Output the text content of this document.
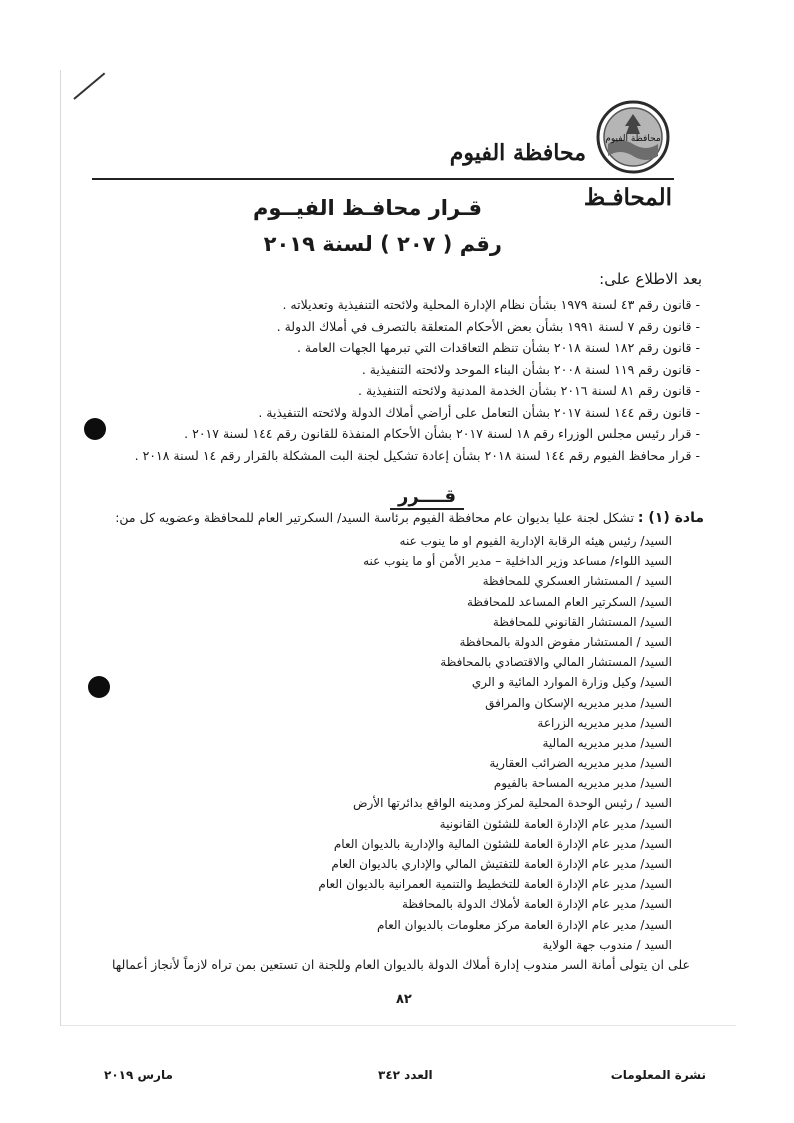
محافظة الفيوم
محافظة الفيوم
المحافـظ
قـرار محافـظ الفيــوم
رقم ( ٢٠٧ ) لسنة ٢٠١٩
بعد الاطلاع على:
- قانون رقم ٤٣ لسنة ١٩٧٩ بشأن نظام الإدارة المحلية ولائحته التنفيذية وتعديلاته .
- قانون رقم ٧ لسنة ١٩٩١ بشأن بعض الأحكام المتعلقة بالتصرف في أملاك الدولة .
- قانون رقم ١٨٢ لسنة ٢٠١٨ بشأن تنظم التعاقدات التي تبرمها الجهات العامة .
- قانون رقم ١١٩ لسنة ٢٠٠٨ بشأن البناء الموحد ولائحته التنفيذية .
- قانون رقم ٨١ لسنة ٢٠١٦ بشأن الخدمة المدنية ولائحته التنفيذية .
- قانون رقم ١٤٤ لسنة ٢٠١٧ بشأن التعامل على أراضي أملاك الدولة ولائحته التنفيذية .
- قرار رئيس مجلس الوزراء رقم ١٨ لسنة ٢٠١٧ بشأن الأحكام المنفذة للقانون رقم ١٤٤ لسنة ٢٠١٧ .
- قرار محافظ الفيوم رقم ١٤٤ لسنة ٢٠١٨ بشأن إعادة تشكيل لجنة البت المشكلة بالقرار رقم ١٤ لسنة ٢٠١٨ .
قــــرر
مادة (١) : تشكل لجنة عليا بديوان عام محافظة الفيوم برئاسة السيد/ السكرتير العام للمحافظة وعضويه كل من:
السيد/ رئيس هيئه الرقابة الإدارية الفيوم او ما ينوب عنه
السيد اللواء/ مساعد وزير الداخلية – مدير الأمن أو ما ينوب عنه
السيد / المستشار العسكري للمحافظة
السيد/ السكرتير العام المساعد للمحافظة
السيد/ المستشار القانوني للمحافظة
السيد / المستشار مفوض الدولة بالمحافظة
السيد/ المستشار المالي والاقتصادي بالمحافظة
السيد/ وكيل وزارة الموارد المائية و الري
السيد/ مدير مديريه الإسكان والمرافق
السيد/ مدير مديريه الزراعة
السيد/ مدير مديريه المالية
السيد/ مدير مديريه الضرائب العقارية
السيد/ مدير مديريه المساحة بالفيوم
السيد / رئيس الوحدة المحلية لمركز ومدينه الواقع بدائرتها الأرض
السيد/ مدير عام الإدارة العامة للشئون القانونية
السيد/ مدير عام الإدارة العامة للشئون المالية والإدارية بالديوان العام
السيد/ مدير عام الإدارة العامة للتفتيش المالي والإداري بالديوان العام
السيد/ مدير عام الإدارة العامة للتخطيط والتنمية العمرانية بالديوان العام
السيد/ مدير عام الإدارة العامة لأملاك الدولة بالمحافظة
السيد/ مدير عام الإدارة العامة مركز معلومات بالديوان العام
السيد / مندوب جهة الولاية
على ان يتولى أمانة السر مندوب إدارة أملاك الدولة بالديوان العام وللجنة ان تستعين بمن تراه لازماً لأنجاز أعمالها
٨٢
نشرة المعلومات
العدد ٣٤٢
مارس ٢٠١٩
